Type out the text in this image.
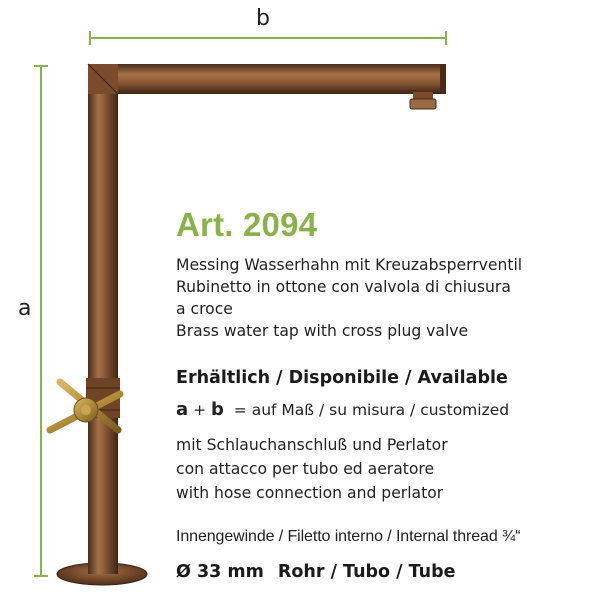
b
a
Art. 2094
Messing Wasserhahn mit Kreuzabsperrventil
Rubinetto in ottone con valvola di chiusura
a croce
Brass water tap with cross plug valve
Erhältlich / Disponibile / Available
a + b = auf Maß / su misura / customized
mit Schlauchanschluß und Perlator
con attacco per tubo ed aeratore
with hose connection and perlator
Innengewinde / Filetto interno / Internal thread ¾“
Ø 33 mm Rohr / Tubo / Tube
